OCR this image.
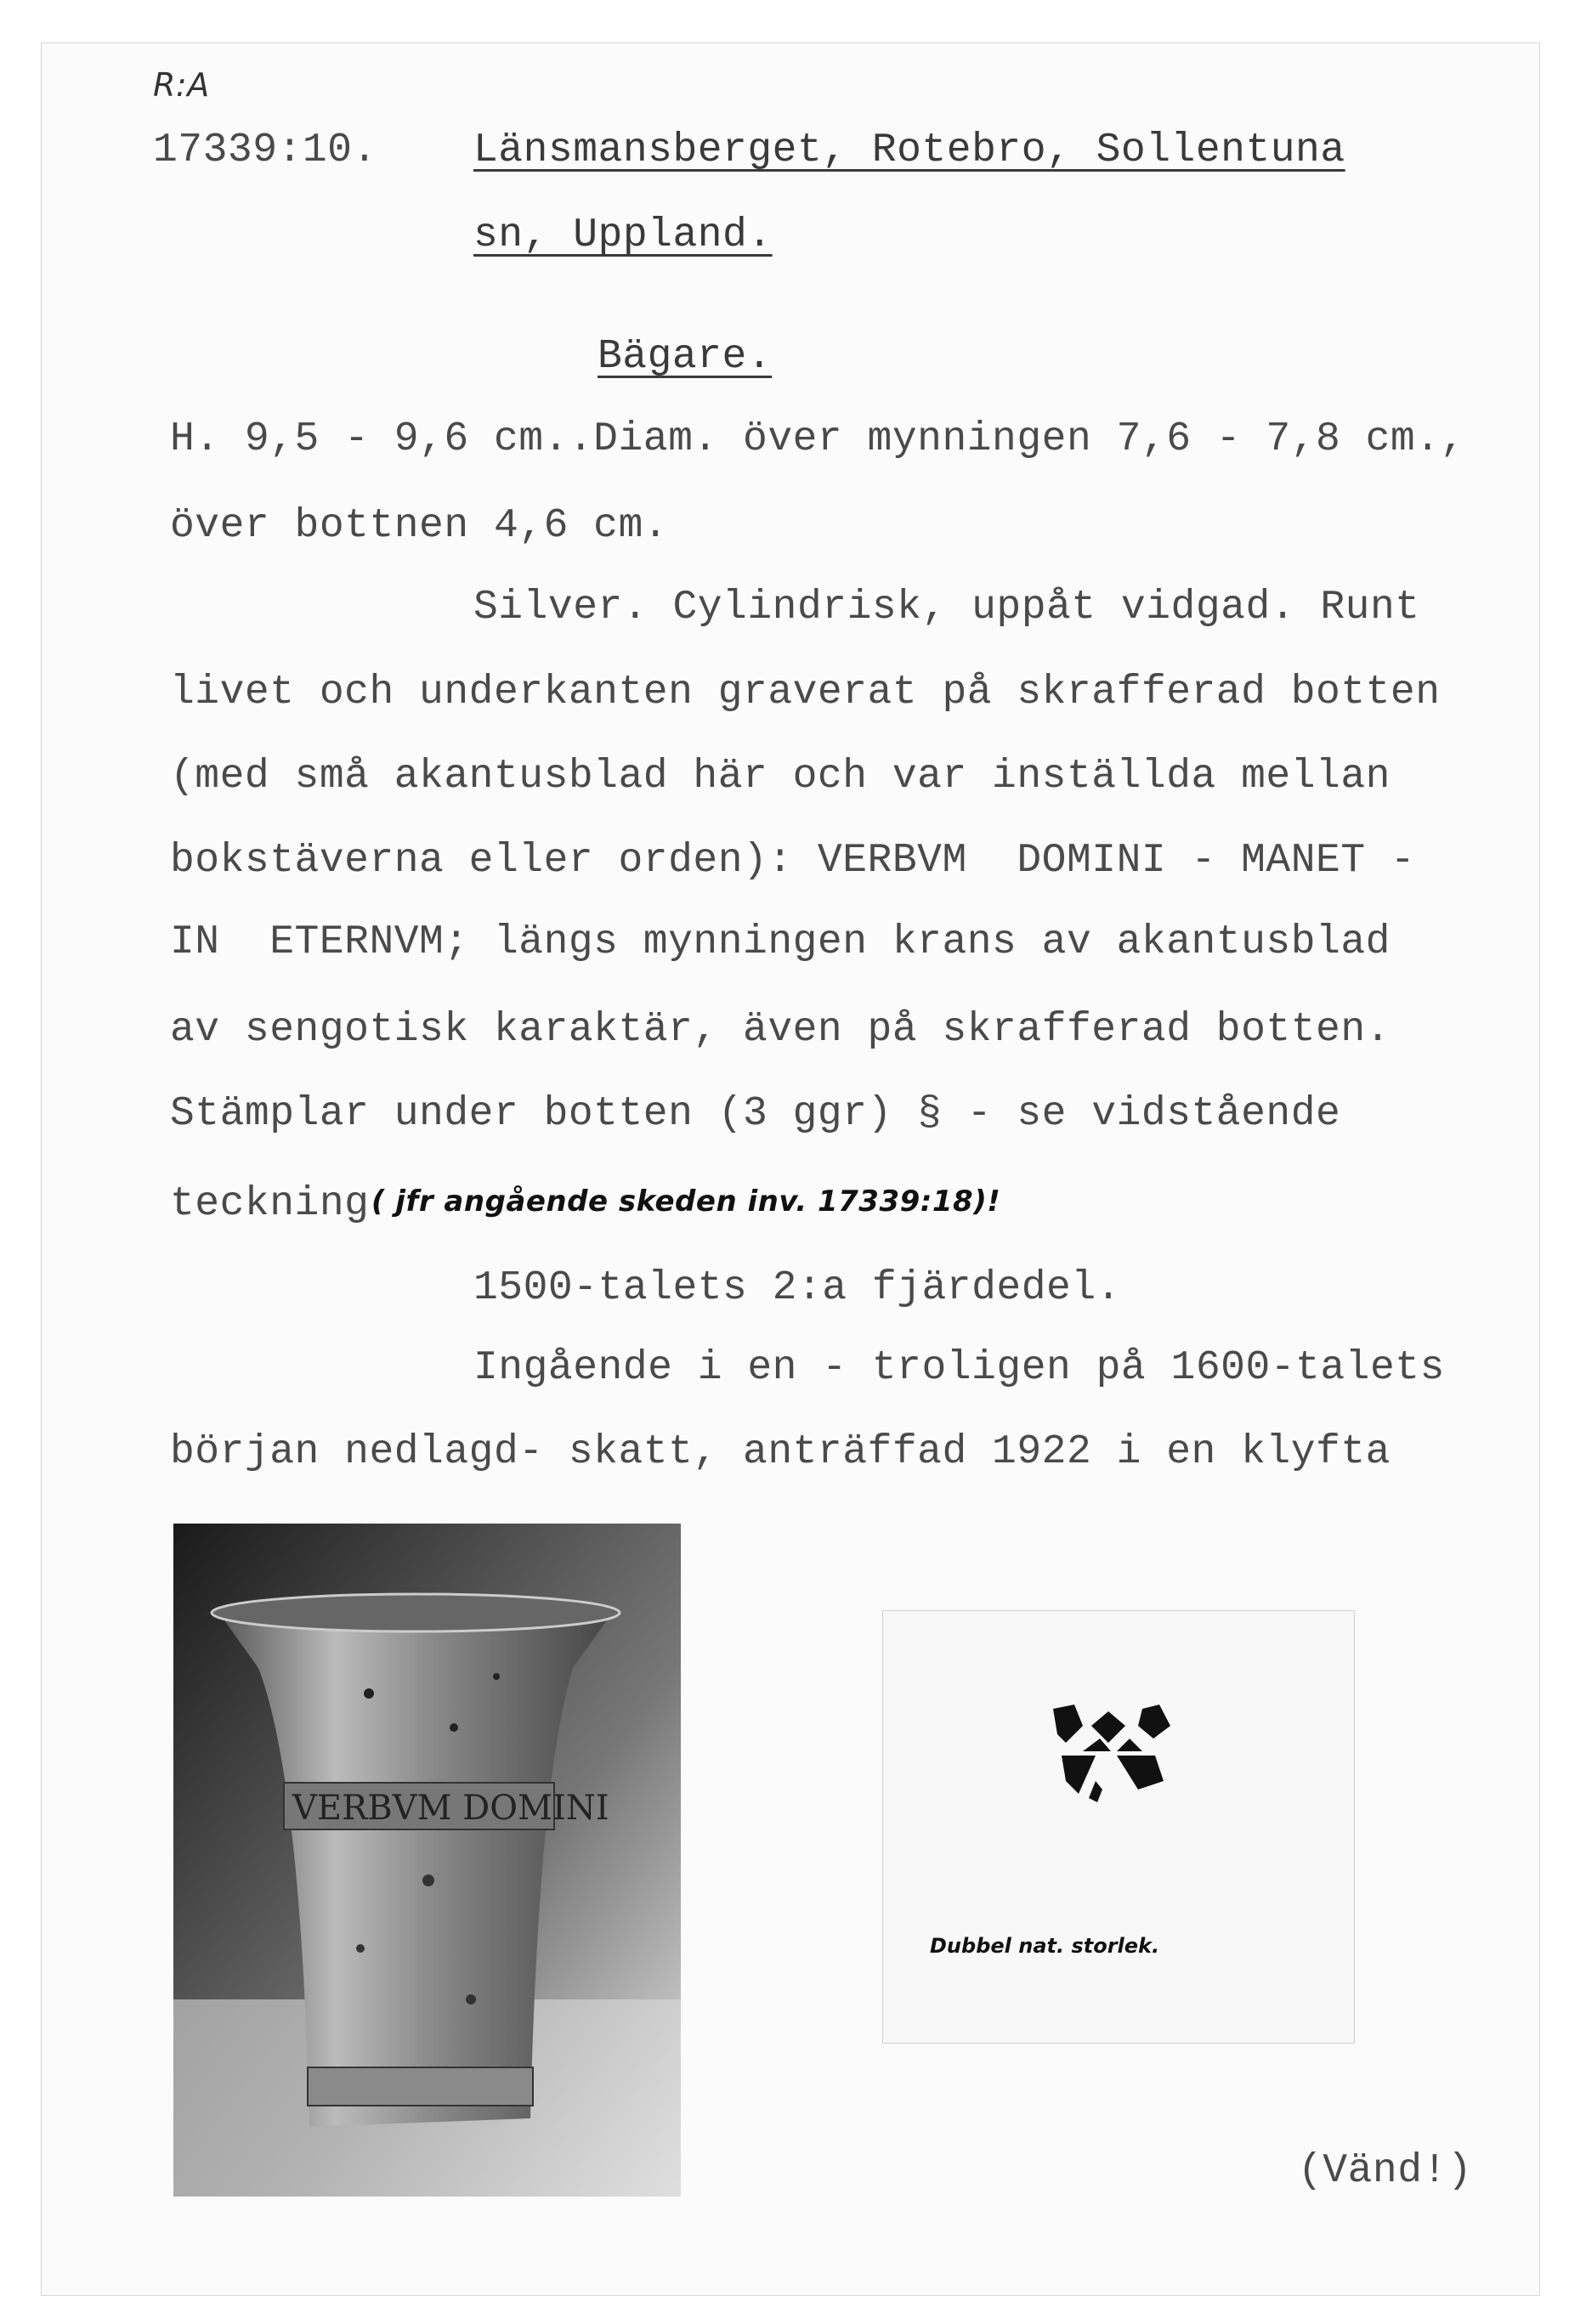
R:A
17339:10. Länsmansberget, Rotebro, Sollentuna
sn, Uppland.
Bägare.
H. 9,5 - 9,6 cm..Diam. över mynningen 7,6 - 7,8 cm.,
över bottnen 4,6 cm.
Silver. Cylindrisk, uppåt vidgad. Runt
livet och underkanten graverat på skrafferad botten
(med små akantusblad här och var inställda mellan
bokstäverna eller orden): VERBVM  DOMINI - MANET -
IN  ETERNVM; längs mynningen krans av akantusblad
av sengotisk karaktär, även på skrafferad botten.
Stämplar under botten (3 ggr) § - se vidstående
teckning ( jfr angående skeden inv. 17339:18)!
1500-talets 2:a fjärdedel.
Ingående i en - troligen på 1600-talets
början nedlagd- skatt, anträffad 1922 i en klyfta
VERBVM DOMINI
Dubbel nat. storlek.
(Vänd!)
